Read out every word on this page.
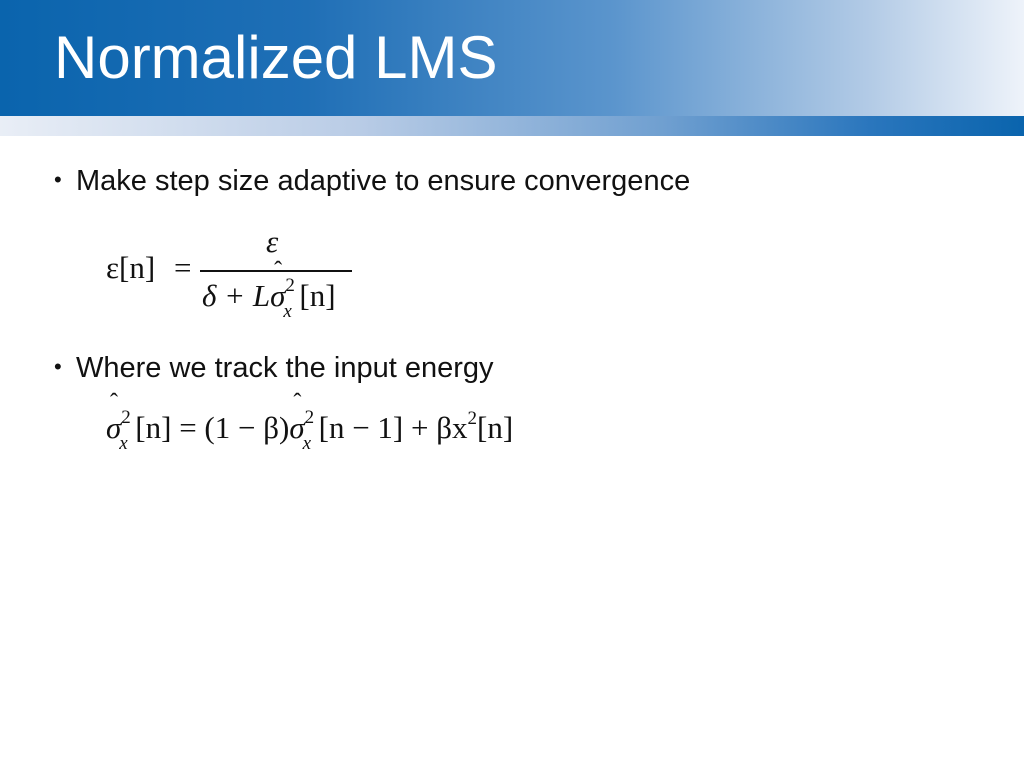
Normalized LMS
• Make step size adaptive to ensure convergence
ε[n] =
ε
δ + Lσ
ˆ
2
x [n]
• Where we track the input energy
σ
ˆ
2
x [n] = (1 − β)σ
ˆ
2
x [n − 1] + βx2[n]
